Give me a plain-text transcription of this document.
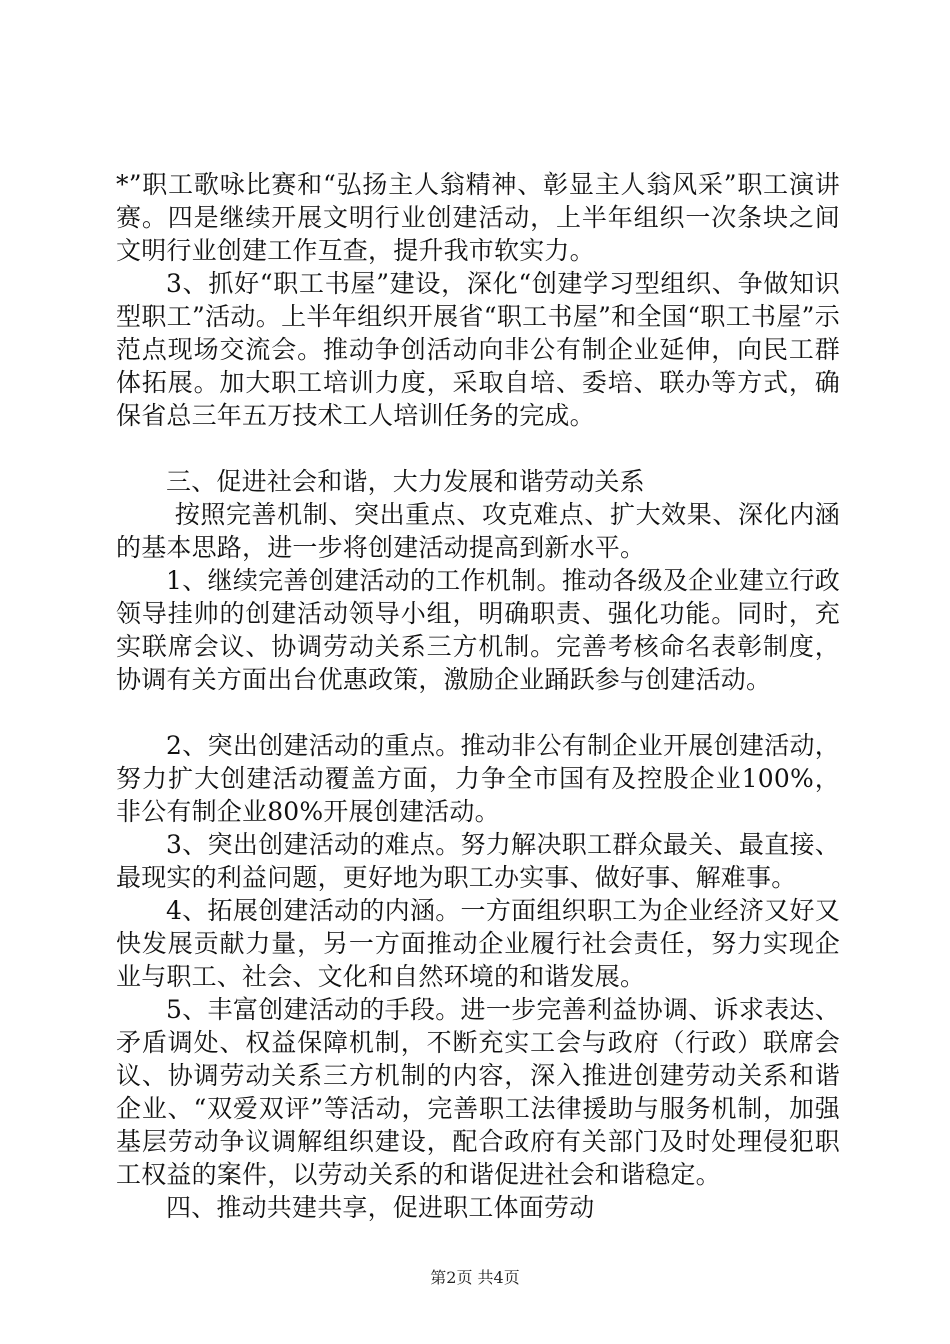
*”职工歌咏比赛和“弘扬主人翁精神、彰显主人翁风采”职工演讲赛。四是继续开展文明行业创建活动，上半年组织一次条块之间文明行业创建工作互查，提升我市软实力。

3、抓好“职工书屋”建设，深化“创建学习型组织、争做知识型职工”活动。上半年组织开展省“职工书屋”和全国“职工书屋”示范点现场交流会。推动争创活动向非公有制企业延伸，向民工群体拓展。加大职工培训力度，采取自培、委培、联办等方式，确保省总三年五万技术工人培训任务的完成。

三、促进社会和谐，大力发展和谐劳动关系

按照完善机制、突出重点、攻克难点、扩大效果、深化内涵的基本思路，进一步将创建活动提高到新水平。

1、继续完善创建活动的工作机制。推动各级及企业建立行政领导挂帅的创建活动领导小组，明确职责、强化功能。同时，充实联席会议、协调劳动关系三方机制。完善考核命名表彰制度，协调有关方面出台优惠政策，激励企业踊跃参与创建活动。

2、突出创建活动的重点。推动非公有制企业开展创建活动，努力扩大创建活动覆盖方面，力争全市国有及控股企业100%，非公有制企业80%开展创建活动。

3、突出创建活动的难点。努力解决职工群众最关、最直接、最现实的利益问题，更好地为职工办实事、做好事、解难事。

4、拓展创建活动的内涵。一方面组织职工为企业经济又好又快发展贡献力量，另一方面推动企业履行社会责任，努力实现企业与职工、社会、文化和自然环境的和谐发展。

5、丰富创建活动的手段。进一步完善利益协调、诉求表达、矛盾调处、权益保障机制，不断充实工会与政府（行政）联席会议、协调劳动关系三方机制的内容，深入推进创建劳动关系和谐企业、“双爱双评”等活动，完善职工法律援助与服务机制，加强基层劳动争议调解组织建设，配合政府有关部门及时处理侵犯职工权益的案件，以劳动关系的和谐促进社会和谐稳定。

四、推动共建共享，促进职工体面劳动

第2页 共4页
